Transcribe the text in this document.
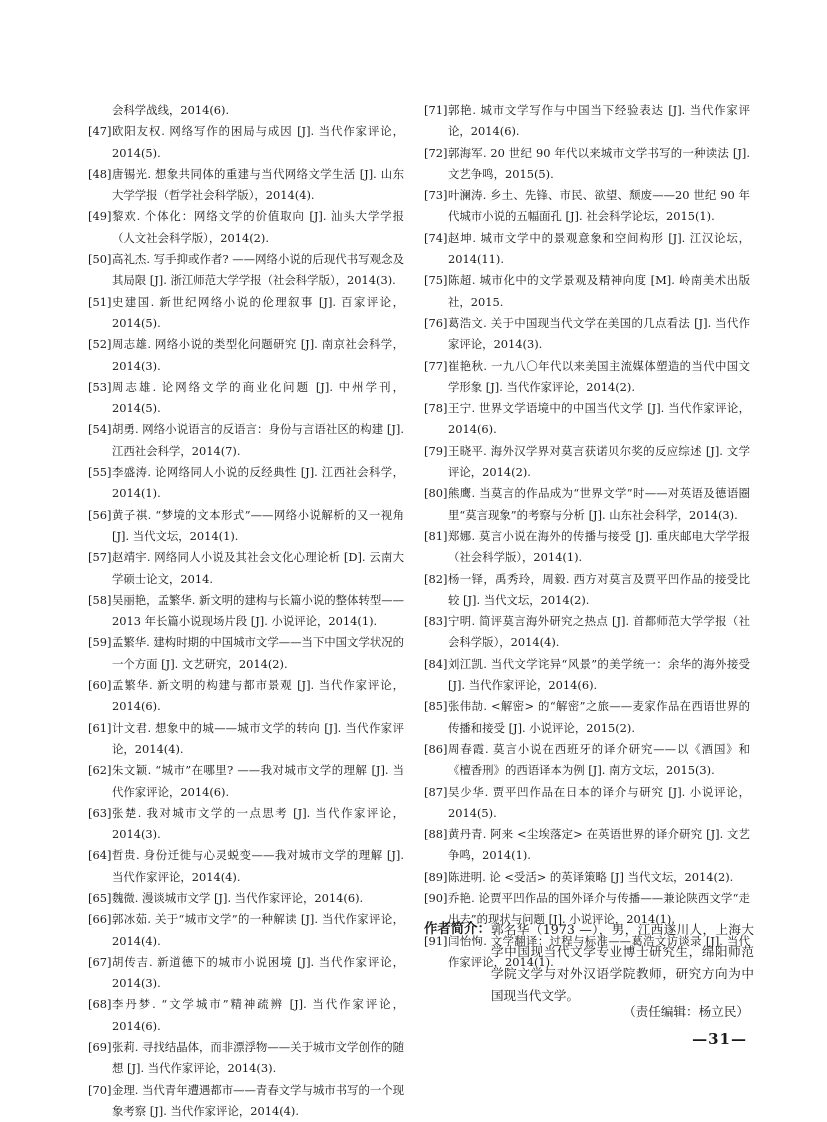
会科学战线，2014(6).
[47] 欧阳友权. 网络写作的困局与成因 [J]. 当代作家评论，2014(5).
[48] 唐锡光. 想象共同体的重建与当代网络文学生活 [J]. 山东大学学报（哲学社会科学版），2014(4).
[49] 黎欢. 个体化：网络文学的价值取向 [J]. 汕头大学学报（人文社会科学版），2014(2).
[50] 高礼杰. 写手抑或作者? ——网络小说的后现代书写观念及其局限 [J]. 浙江师范大学学报（社会科学版），2014(3).
[51] 史建国. 新世纪网络小说的伦理叙事 [J]. 百家评论，2014(5).
[52] 周志雄. 网络小说的类型化问题研究 [J]. 南京社会科学，2014(3).
[53] 周志雄. 论网络文学的商业化问题 [J]. 中州学刊，2014(5).
[54] 胡勇. 网络小说语言的反语言：身份与言语社区的构建 [J]. 江西社会科学，2014(7).
[55] 李盛涛. 论网络同人小说的反经典性 [J]. 江西社会科学，2014(1).
[56] 黄子祺. “梦境的文本形式”——网络小说解析的又一视角 [J]. 当代文坛，2014(1).
[57] 赵靖宇. 网络同人小说及其社会文化心理论析 [D]. 云南大学硕士论文，2014.
[58] 吴丽艳，孟繁华. 新文明的建构与长篇小说的整体转型——2013 年长篇小说现场片段 [J]. 小说评论，2014(1).
[59] 孟繁华. 建构时期的中国城市文学——当下中国文学状况的一个方面 [J]. 文艺研究，2014(2).
[60] 孟繁华. 新文明的构建与都市景观 [J]. 当代作家评论，2014(6).
[61] 计文君. 想象中的城——城市文学的转向 [J]. 当代作家评论，2014(4).
[62] 朱文颖. “城市”在哪里? ——我对城市文学的理解 [J]. 当代作家评论，2014(6).
[63] 张楚. 我对城市文学的一点思考 [J]. 当代作家评论，2014(3).
[64] 哲贵. 身份迁徙与心灵蜕变——我对城市文学的理解 [J]. 当代作家评论，2014(4).
[65] 魏微. 漫谈城市文学 [J]. 当代作家评论，2014(6).
[66] 郭冰茹. 关于“城市文学”的一种解读 [J]. 当代作家评论，2014(4).
[67] 胡传吉. 新道德下的城市小说困境 [J]. 当代作家评论，2014(3).
[68] 李丹梦. “文学城市”精神疏辨 [J]. 当代作家评论，2014(6).
[69] 张莉. 寻找结晶体，而非漂浮物——关于城市文学创作的随想 [J]. 当代作家评论，2014(3).
[70] 金理. 当代青年遭遇都市——青春文学与城市书写的一个现象考察 [J]. 当代作家评论，2014(4).
[71] 郭艳. 城市文学写作与中国当下经验表达 [J]. 当代作家评论，2014(6).
[72] 郭海军. 20 世纪 90 年代以来城市文学书写的一种读法 [J]. 文艺争鸣，2015(5).
[73] 叶澜涛. 乡土、先锋、市民、欲望、颓废——20 世纪 90 年代城市小说的五幅面孔 [J]. 社会科学论坛，2015(1).
[74] 赵坤. 城市文学中的景观意象和空间构形 [J]. 江汉论坛，2014(11).
[75] 陈超. 城市化中的文学景观及精神向度 [M]. 岭南美术出版社，2015.
[76] 葛浩文. 关于中国现当代文学在美国的几点看法 [J]. 当代作家评论，2014(3).
[77] 崔艳秋. 一九八〇年代以来美国主流媒体塑造的当代中国文学形象 [J]. 当代作家评论，2014(2).
[78] 王宁. 世界文学语境中的中国当代文学 [J]. 当代作家评论，2014(6).
[79] 王晓平. 海外汉学界对莫言获诺贝尔奖的反应综述 [J]. 文学评论，2014(2).
[80] 熊鹰. 当莫言的作品成为“世界文学”时——对英语及德语圈里“莫言现象”的考察与分析 [J]. 山东社会科学，2014(3).
[81] 郑娜. 莫言小说在海外的传播与接受 [J]. 重庆邮电大学学报（社会科学版），2014(1).
[82] 杨一铎，禹秀玲，周毅. 西方对莫言及贾平凹作品的接受比较 [J]. 当代文坛，2014(2).
[83] 宁明. 简评莫言海外研究之热点 [J]. 首都师范大学学报（社会科学版），2014(4).
[84] 刘江凯. 当代文学诧异“风景”的美学统一：余华的海外接受 [J]. 当代作家评论，2014(6).
[85] 张伟劼. <解密> 的“解密”之旅——麦家作品在西语世界的传播和接受 [J]. 小说评论，2015(2).
[86] 周春霞. 莫言小说在西班牙的译介研究——以《酒国》和《檀香刑》的西语译本为例 [J]. 南方文坛，2015(3).
[87] 吴少华. 贾平凹作品在日本的译介与研究 [J]. 小说评论，2014(5).
[88] 黄丹青. 阿来 <尘埃落定> 在英语世界的译介研究 [J]. 文艺争鸣，2014(1).
[89] 陈进明. 论 <受活> 的英译策略 [J] 当代文坛，2014(2).
[90] 乔艳. 论贾平凹作品的国外译介与传播——兼论陕西文学“走出去”的现状与问题 [J]. 小说评论，2014(1).
[91] 闫怡恂. 文学翻译：过程与标准——葛浩文访谈录 [J]. 当代作家评论，2014(1).
作者简介： 郭名华（1973 —），男，江西遂川人，上海大学中国现当代文学专业博士研究生，绵阳师范学院文学与对外汉语学院教师，研究方向为中国现当代文学。
（责任编辑：杨立民）
—31—
